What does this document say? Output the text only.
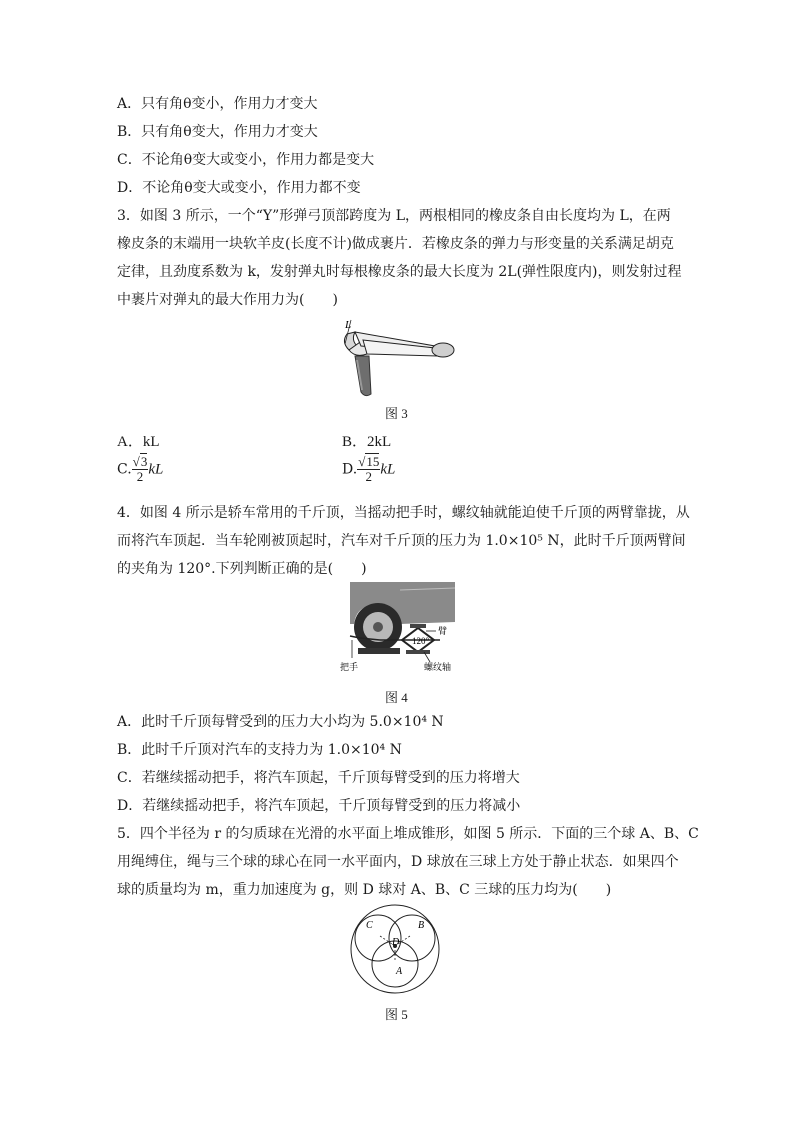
A．只有角θ变小，作用力才变大
B．只有角θ变大，作用力才变大
C．不论角θ变大或变小，作用力都是变大
D．不论角θ变大或变小，作用力都不变
3．如图 3 所示，一个“Y”形弹弓顶部跨度为 L，两根相同的橡皮条自由长度均为 L，在两
橡皮条的末端用一块软羊皮(长度不计)做成裹片．若橡皮条的弹力与形变量的关系满足胡克
定律，且劲度系数为 k，发射弹丸时每根橡皮条的最大长度为 2L(弹性限度内)，则发射过程
中裹片对弹丸的最大作用力为(　　)
L
图 3
A．kL	B．2kL
C. $\frac{√3}{2}$ kL	D. $\frac{√15}{2}$ kL
4．如图 4 所示是轿车常用的千斤顶，当摇动把手时，螺纹轴就能迫使千斤顶的两臂靠拢，从
而将汽车顶起．当车轮刚被顶起时，汽车对千斤顶的压力为 1.0×10⁵ N，此时千斤顶两臂间
的夹角为 120°.下列判断正确的是(　　)
臂
120°
把手	螺纹轴
图 4
A．此时千斤顶每臂受到的压力大小均为 5.0×10⁴ N
B．此时千斤顶对汽车的支持力为 1.0×10⁴ N
C．若继续摇动把手，将汽车顶起，千斤顶每臂受到的压力将增大
D．若继续摇动把手，将汽车顶起，千斤顶每臂受到的压力将减小
5．四个半径为 r 的匀质球在光滑的水平面上堆成锥形，如图 5 所示．下面的三个球 A、B、C
用绳缚住，绳与三个球的球心在同一水平面内，D 球放在三球上方处于静止状态．如果四个
球的质量均为 m，重力加速度为 g，则 D 球对 A、B、C 三球的压力均为(　　)
C	B
D
A
图 5
